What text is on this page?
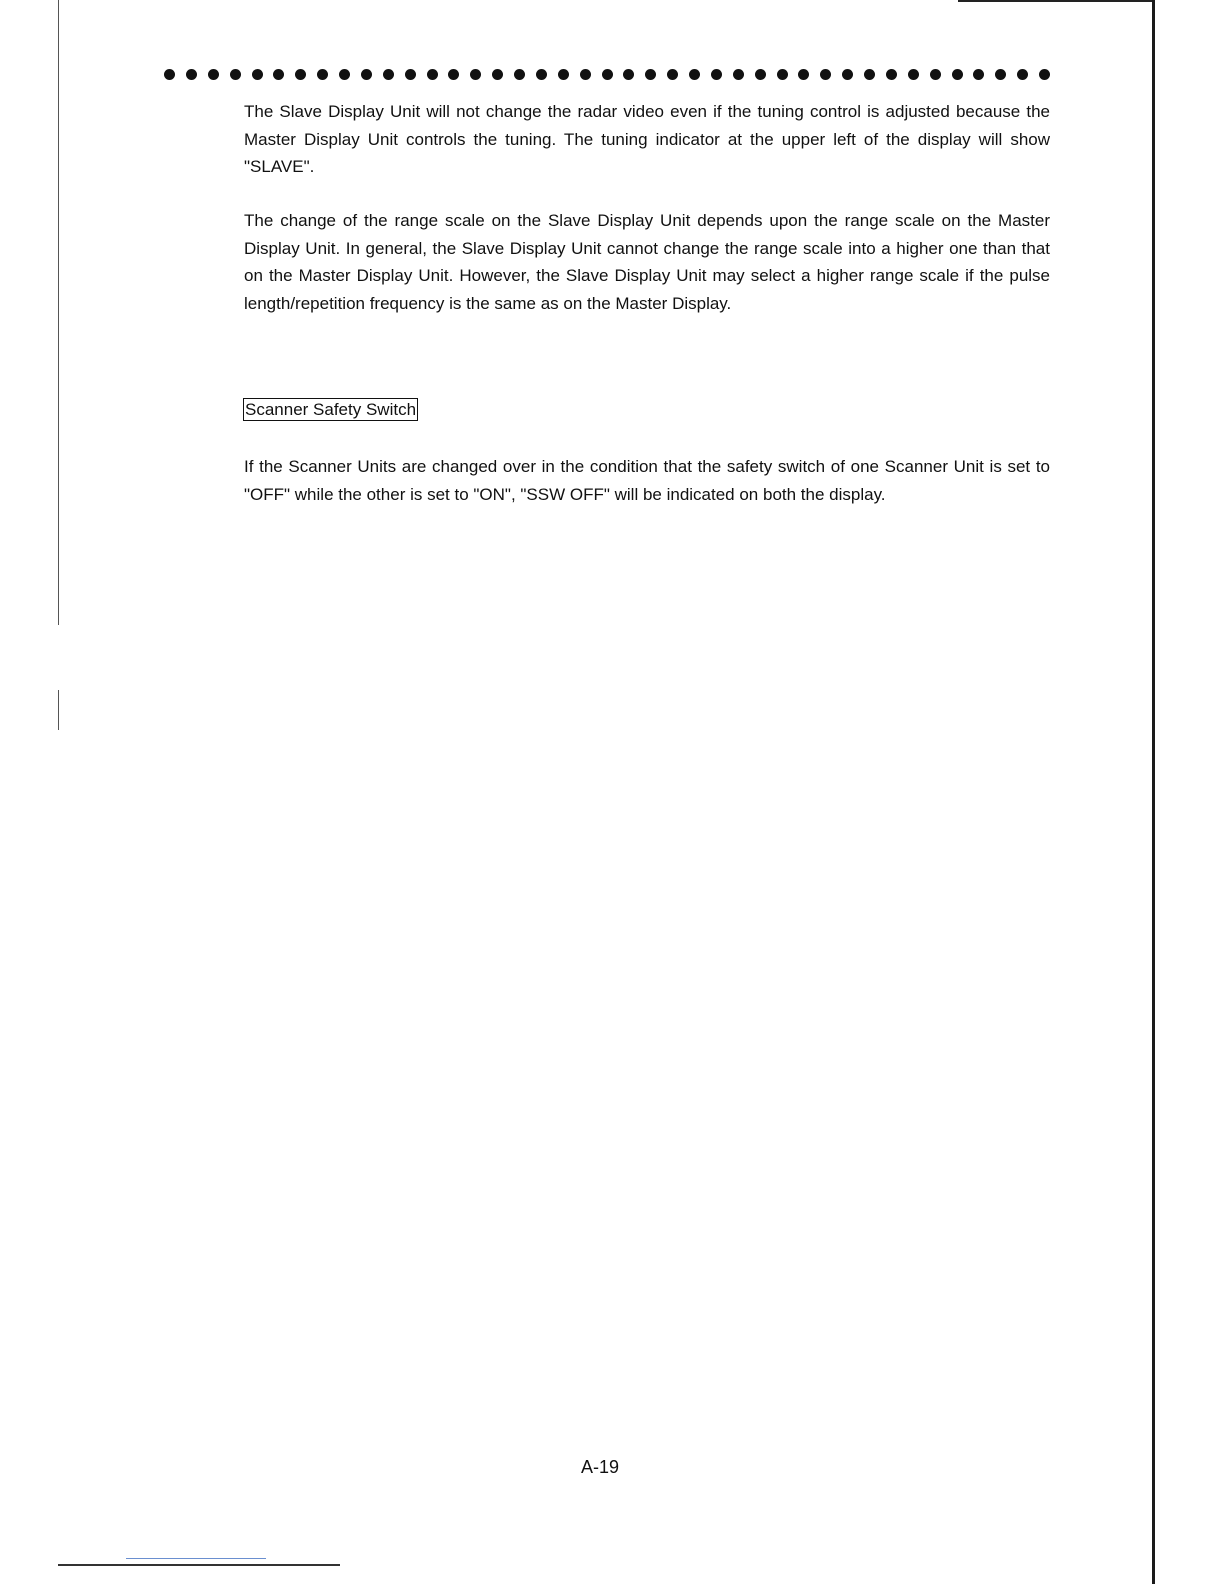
The Slave Display Unit will not change the radar video even if the tuning control is adjusted because the Master Display Unit controls the tuning. The tuning indicator at the upper left of the display will show "SLAVE".

The change of the range scale on the Slave Display Unit depends upon the range scale on the Master Display Unit. In general, the Slave Display Unit cannot change the range scale into a higher one than that on the Master Display Unit. However, the Slave Display Unit may select a higher range scale if the pulse length/repetition frequency is the same as on the Master Display.

Scanner Safety Switch

If the Scanner Units are changed over in the condition that the safety switch of one Scanner Unit is set to "OFF" while the other is set to "ON", "SSW OFF" will be indicated on both the display.

A-19
